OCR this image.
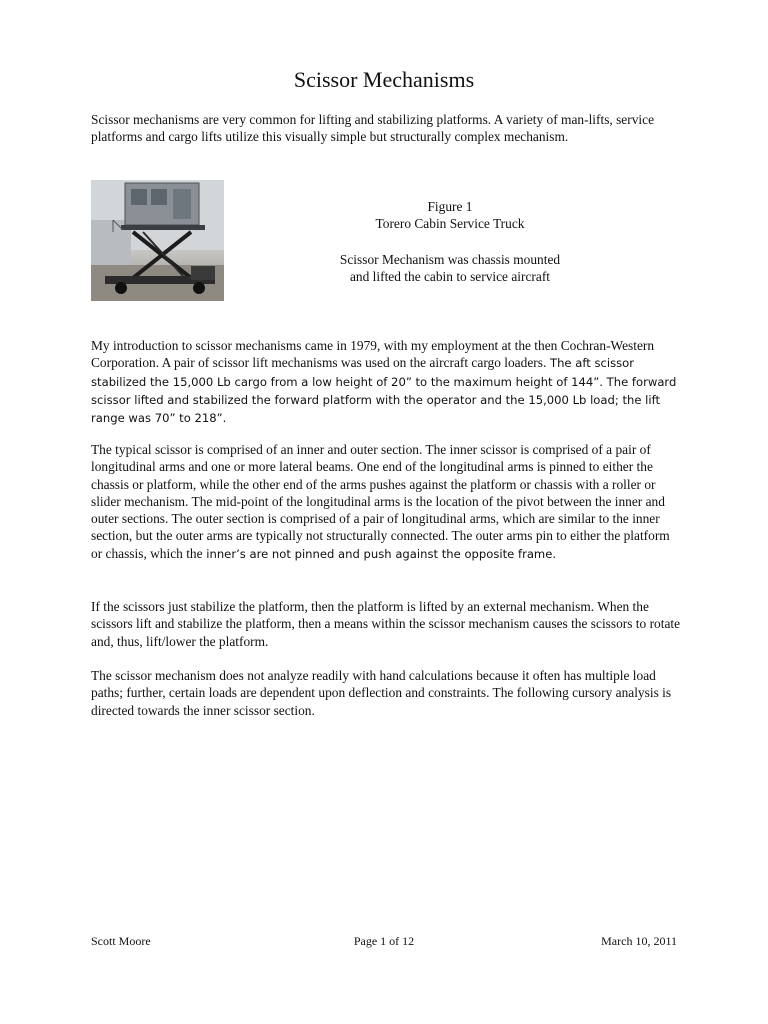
Scissor Mechanisms

Scissor mechanisms are very common for lifting and stabilizing platforms. A variety of man-lifts, service platforms and cargo lifts utilize this visually simple but structurally complex mechanism.

Figure 1
Torero Cabin Service Truck
Scissor Mechanism was chassis mounted
and lifted the cabin to service aircraft

My introduction to scissor mechanisms came in 1979, with my employment at the then Cochran-Western Corporation. A pair of scissor lift mechanisms was used on the aircraft cargo loaders. The aft scissor stabilized the 15,000 Lb cargo from a low height of 20” to the maximum height of 144”. The forward scissor lifted and stabilized the forward platform with the operator and the 15,000 Lb load; the lift range was 70” to 218”.

The typical scissor is comprised of an inner and outer section. The inner scissor is comprised of a pair of longitudinal arms and one or more lateral beams. One end of the longitudinal arms is pinned to either the chassis or platform, while the other end of the arms pushes against the platform or chassis with a roller or slider mechanism. The mid-point of the longitudinal arms is the location of the pivot between the inner and outer sections. The outer section is comprised of a pair of longitudinal arms, which are similar to the inner section, but the outer arms are typically not structurally connected. The outer arms pin to either the platform or chassis, which the inner’s are not pinned and push against the opposite frame.

If the scissors just stabilize the platform, then the platform is lifted by an external mechanism. When the scissors lift and stabilize the platform, then a means within the scissor mechanism causes the scissors to rotate and, thus, lift/lower the platform.

The scissor mechanism does not analyze readily with hand calculations because it often has multiple load paths; further, certain loads are dependent upon deflection and constraints. The following cursory analysis is directed towards the inner scissor section.

Scott Moore	Page 1 of 12	March 10, 2011
